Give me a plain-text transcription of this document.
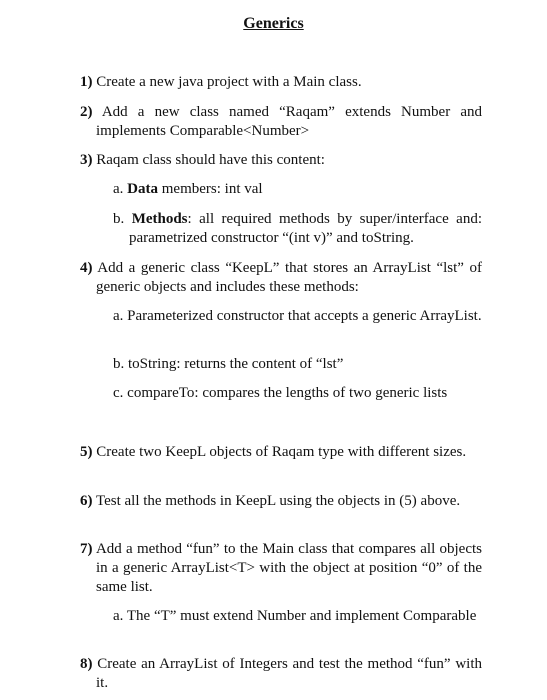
Generics
1) Create a new java project with a Main class.
2) Add a new class named “Raqam” extends Number and implements Comparable<Number>
3) Raqam class should have this content:
a. Data members: int val
b. Methods: all required methods by super/interface and: parametrized constructor “(int v)” and toString.
4) Add a generic class “KeepL” that stores an ArrayList “lst” of generic objects and includes these methods:
a. Parameterized constructor that accepts a generic ArrayList.
b. toString: returns the content of “lst”
c. compareTo: compares the lengths of two generic lists
5) Create two KeepL objects of Raqam type with different sizes.
6) Test all the methods in KeepL using the objects in (5) above.
7) Add a method “fun” to the Main class that compares all objects in a generic ArrayList<T> with the object at position “0” of the same list.
a. The “T” must extend Number and implement Comparable
8) Create an ArrayList of Integers and test the method “fun” with it.
